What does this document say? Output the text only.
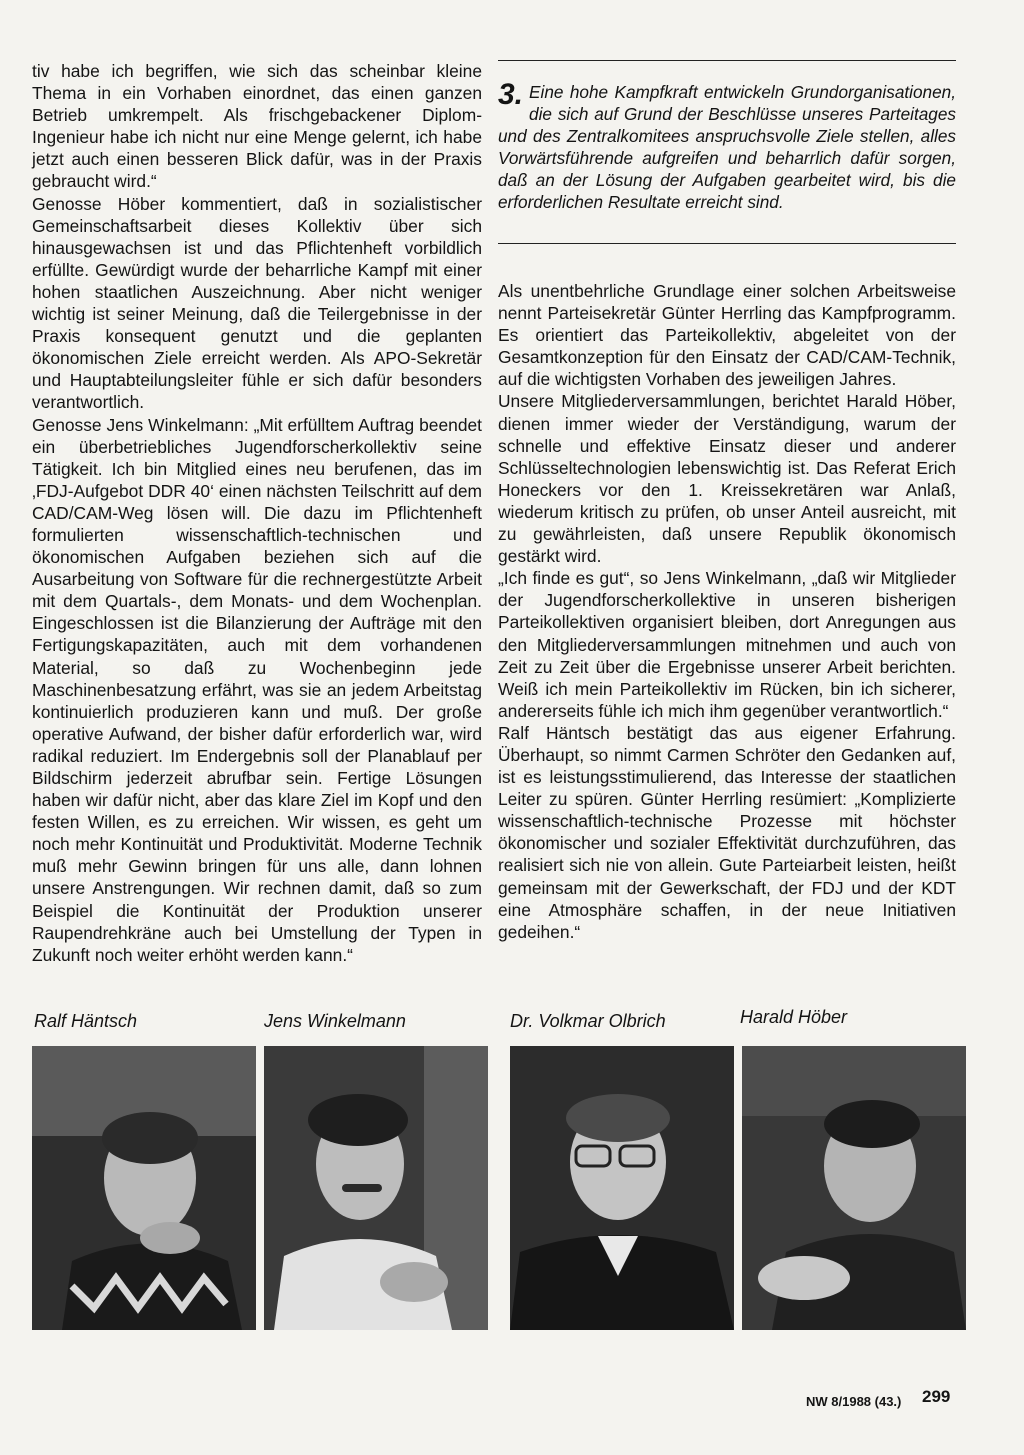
tiv habe ich begriffen, wie sich das scheinbar kleine Thema in ein Vorhaben einordnet, das einen ganzen Betrieb umkrempelt. Als frischgebackener Diplom-Ingenieur habe ich nicht nur eine Menge gelernt, ich habe jetzt auch einen besseren Blick dafür, was in der Praxis gebraucht wird.“

Genosse Höber kommentiert, daß in sozialistischer Gemeinschaftsarbeit dieses Kollektiv über sich hinausgewachsen ist und das Pflichtenheft vorbildlich erfüllte. Gewürdigt wurde der beharrliche Kampf mit einer hohen staatlichen Auszeichnung. Aber nicht weniger wichtig ist seiner Meinung, daß die Teilergebnisse in der Praxis konsequent genutzt und die geplanten ökonomischen Ziele erreicht werden. Als APO-Sekretär und Hauptabteilungsleiter fühle er sich dafür besonders verantwortlich.

Genosse Jens Winkelmann: „Mit erfülltem Auftrag beendet ein überbetriebliches Jugendforscherkollektiv seine Tätigkeit. Ich bin Mitglied eines neu berufenen, das im ‚FDJ-Aufgebot DDR 40‘ einen nächsten Teilschritt auf dem CAD/CAM-Weg lösen will. Die dazu im Pflichtenheft formulierten wissenschaftlich-technischen und ökonomischen Aufgaben beziehen sich auf die Ausarbeitung von Software für die rechnergestützte Arbeit mit dem Quartals-, dem Monats- und dem Wochenplan. Eingeschlossen ist die Bilanzierung der Aufträge mit den Fertigungskapazitäten, auch mit dem vorhandenen Material, so daß zu Wochenbeginn jede Maschinenbesatzung erfährt, was sie an jedem Arbeitstag kontinuierlich produzieren kann und muß. Der große operative Aufwand, der bisher dafür erforderlich war, wird radikal reduziert. Im Endergebnis soll der Planablauf per Bildschirm jederzeit abrufbar sein. Fertige Lösungen haben wir dafür nicht, aber das klare Ziel im Kopf und den festen Willen, es zu erreichen. Wir wissen, es geht um noch mehr Kontinuität und Produktivität. Moderne Technik muß mehr Gewinn bringen für uns alle, dann lohnen unsere Anstrengungen. Wir rechnen damit, daß so zum Beispiel die Kontinuität der Produktion unserer Raupendrehkräne auch bei Umstellung der Typen in Zukunft noch weiter erhöht werden kann.“

3. Eine hohe Kampfkraft entwickeln Grundorganisationen, die sich auf Grund der Beschlüsse unseres Parteitages und des Zentralkomitees anspruchsvolle Ziele stellen, alles Vorwärtsführende aufgreifen und beharrlich dafür sorgen, daß an der Lösung der Aufgaben gearbeitet wird, bis die erforderlichen Resultate erreicht sind.

Als unentbehrliche Grundlage einer solchen Arbeitsweise nennt Parteisekretär Günter Herrling das Kampfprogramm. Es orientiert das Parteikollektiv, abgeleitet von der Gesamtkonzeption für den Einsatz der CAD/CAM-Technik, auf die wichtigsten Vorhaben des jeweiligen Jahres.

Unsere Mitgliederversammlungen, berichtet Harald Höber, dienen immer wieder der Verständigung, warum der schnelle und effektive Einsatz dieser und anderer Schlüsseltechnologien lebenswichtig ist. Das Referat Erich Honeckers vor den 1. Kreissekretären war Anlaß, wiederum kritisch zu prüfen, ob unser Anteil ausreicht, mit zu gewährleisten, daß unsere Republik ökonomisch gestärkt wird.

„Ich finde es gut“, so Jens Winkelmann, „daß wir Mitglieder der Jugendforscherkollektive in unseren bisherigen Parteikollektiven organisiert bleiben, dort Anregungen aus den Mitgliederversammlungen mitnehmen und auch von Zeit zu Zeit über die Ergebnisse unserer Arbeit berichten. Weiß ich mein Parteikollektiv im Rücken, bin ich sicherer, andererseits fühle ich mich ihm gegenüber verantwortlich.“

Ralf Häntsch bestätigt das aus eigener Erfahrung. Überhaupt, so nimmt Carmen Schröter den Gedanken auf, ist es leistungsstimulierend, das Interesse der staatlichen Leiter zu spüren. Günter Herrling resümiert: „Komplizierte wissenschaftlich-technische Prozesse mit höchster ökonomischer und sozialer Effektivität durchzuführen, das realisiert sich nie von allein. Gute Parteiarbeit leisten, heißt gemeinsam mit der Gewerkschaft, der FDJ und der KDT eine Atmosphäre schaffen, in der neue Initiativen gedeihen.“

Ralf Häntsch	Jens Winkelmann	Dr. Volkmar Olbrich	Harald Höber
NW 8/1988 (43.) 299
